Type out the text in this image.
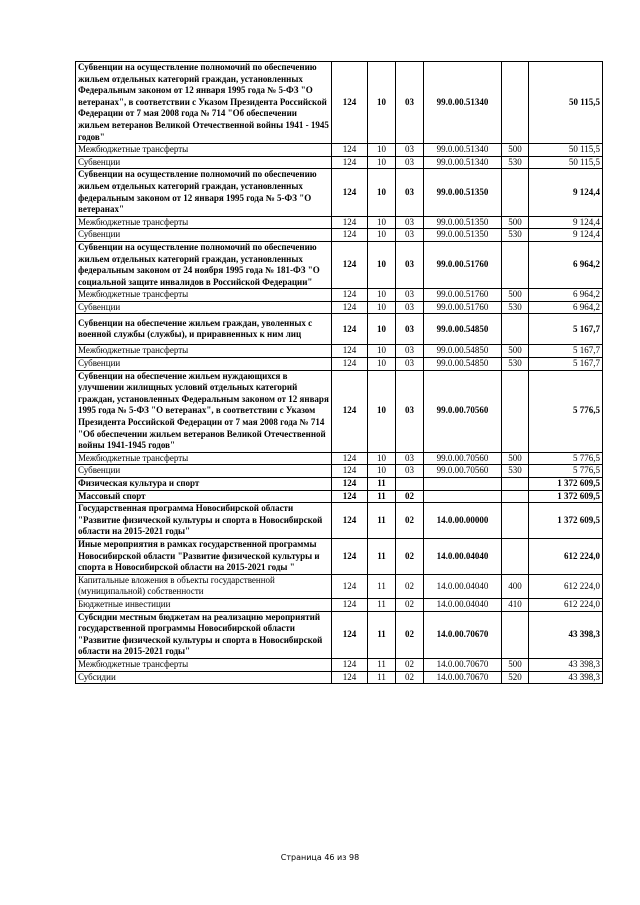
Субвенции на осуществление полномочий по обеспечению жильем отдельных категорий граждан, установленных Федеральным законом от 12 января 1995 года № 5-ФЗ "О ветеранах", в соответствии с Указом Президента Российской Федерации от 7 мая 2008 года № 714 "Об обеспечении жильем ветеранов Великой Отечественной войны 1941 - 1945 годов"	124	10	03	99.0.00.51340		50 115,5
Межбюджетные трансферты	124	10	03	99.0.00.51340	500	50 115,5
Субвенции	124	10	03	99.0.00.51340	530	50 115,5
Субвенции на осуществление полномочий по обеспечению жильем отдельных категорий граждан, установленных федеральным законом от 12 января 1995 года № 5-ФЗ "О ветеранах"	124	10	03	99.0.00.51350		9 124,4
Межбюджетные трансферты	124	10	03	99.0.00.51350	500	9 124,4
Субвенции	124	10	03	99.0.00.51350	530	9 124,4
Субвенции на осуществление полномочий по обеспечению жильем отдельных категорий граждан, установленных федеральным законом от 24 ноября 1995 года № 181-ФЗ "О социальной защите инвалидов в Российской Федерации"	124	10	03	99.0.00.51760		6 964,2
Межбюджетные трансферты	124	10	03	99.0.00.51760	500	6 964,2
Субвенции	124	10	03	99.0.00.51760	530	6 964,2
Субвенции на обеспечение жильем граждан, уволенных с военной службы (службы), и приравненных к ним лиц	124	10	03	99.0.00.54850		5 167,7
Межбюджетные трансферты	124	10	03	99.0.00.54850	500	5 167,7
Субвенции	124	10	03	99.0.00.54850	530	5 167,7
Субвенции на обеспечение жильем нуждающихся в улучшении жилищных условий отдельных категорий граждан, установленных Федеральным законом от 12 января 1995 года № 5-ФЗ "О ветеранах", в соответствии с Указом Президента Российской Федерации от 7 мая 2008 года № 714 "Об обеспечении жильем ветеранов Великой Отечественной войны 1941-1945 годов"	124	10	03	99.0.00.70560		5 776,5
Межбюджетные трансферты	124	10	03	99.0.00.70560	500	5 776,5
Субвенции	124	10	03	99.0.00.70560	530	5 776,5
Физическая культура и спорт	124	11				1 372 609,5
Массовый спорт	124	11	02			1 372 609,5
Государственная программа Новосибирской области "Развитие физической культуры и спорта в Новосибирской области на 2015-2021 годы"	124	11	02	14.0.00.00000		1 372 609,5
Иные мероприятия в рамках государственной программы Новосибирской области "Развитие физической культуры и спорта в Новосибирской области на 2015-2021 годы "	124	11	02	14.0.00.04040		612 224,0
Капитальные вложения в объекты государственной (муниципальной) собственности	124	11	02	14.0.00.04040	400	612 224,0
Бюджетные инвестиции	124	11	02	14.0.00.04040	410	612 224,0
Субсидии местным бюджетам на реализацию мероприятий государственной программы Новосибирской области "Развитие физической культуры и спорта в Новосибирской области на 2015-2021 годы"	124	11	02	14.0.00.70670		43 398,3
Межбюджетные трансферты	124	11	02	14.0.00.70670	500	43 398,3
Субсидии	124	11	02	14.0.00.70670	520	43 398,3
Страница 46 из 98
